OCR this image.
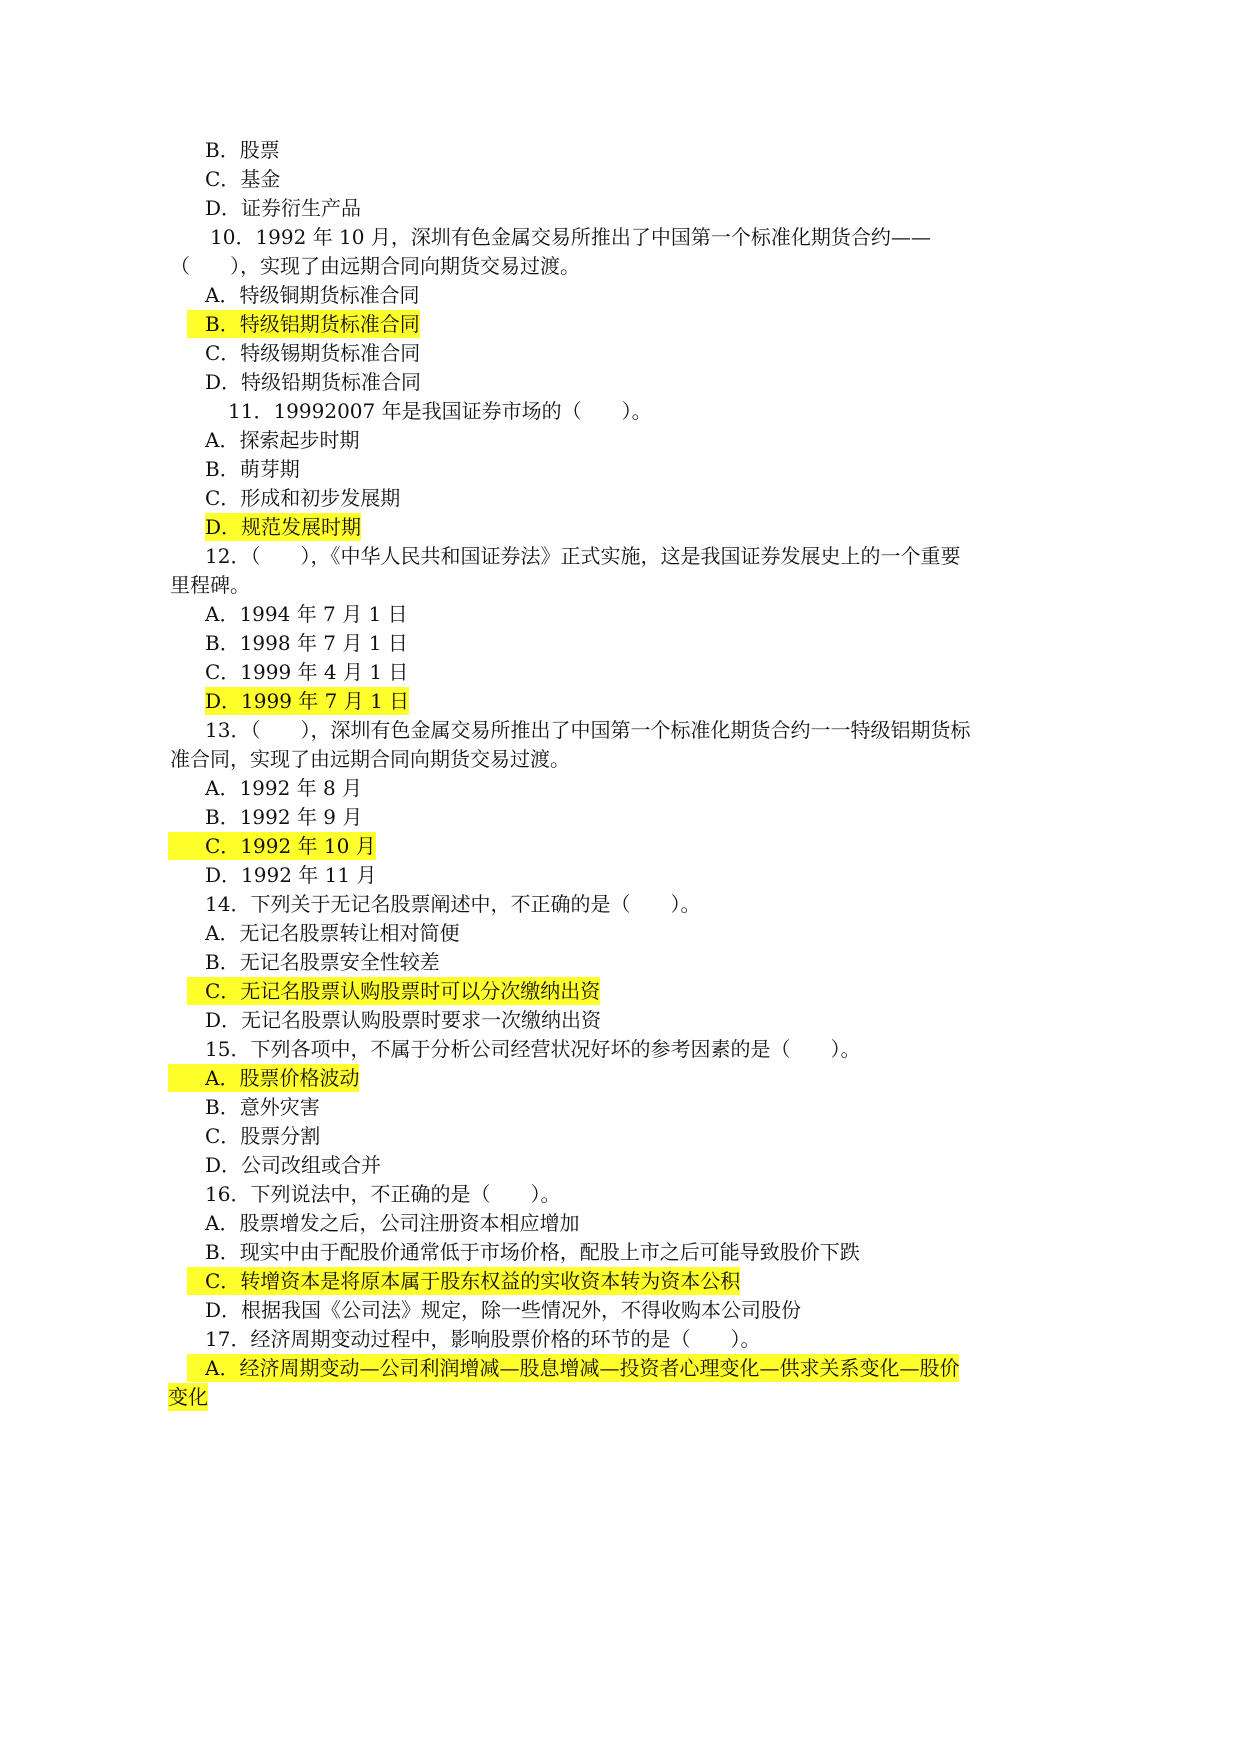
B．股票
C．基金
D．证券衍生产品
10．1992 年 10 月，深圳有色金属交易所推出了中国第一个标准化期货合约——
（　　），实现了由远期合同向期货交易过渡。
A．特级铜期货标准合同
B．特级铝期货标准合同
C．特级锡期货标准合同
D．特级铅期货标准合同
11．19992007 年是我国证券市场的（　　）。
A．探索起步时期
B．萌芽期
C．形成和初步发展期
D．规范发展时期
12．（　　），《中华人民共和国证券法》正式实施，这是我国证券发展史上的一个重要
里程碑。
A．1994 年 7 月 1 日
B．1998 年 7 月 1 日
C．1999 年 4 月 1 日
D．1999 年 7 月 1 日
13．（　　），深圳有色金属交易所推出了中国第一个标准化期货合约一一特级铝期货标
准合同，实现了由远期合同向期货交易过渡。
A．1992 年 8 月
B．1992 年 9 月
C．1992 年 10 月
D．1992 年 11 月
14．下列关于无记名股票阐述中，不正确的是（　　）。
A．无记名股票转让相对简便
B．无记名股票安全性较差
C．无记名股票认购股票时可以分次缴纳出资
D．无记名股票认购股票时要求一次缴纳出资
15．下列各项中，不属于分析公司经营状况好坏的参考因素的是（　　）。
A．股票价格波动
B．意外灾害
C．股票分割
D．公司改组或合并
16．下列说法中，不正确的是（　　）。
A．股票增发之后，公司注册资本相应增加
B．现实中由于配股价通常低于市场价格，配股上市之后可能导致股价下跌
C．转增资本是将原本属于股东权益的实收资本转为资本公积
D．根据我国《公司法》规定，除一些情况外，不得收购本公司股份
17．经济周期变动过程中，影响股票价格的环节的是（　　）。
A．经济周期变动—公司利润增减—股息增减—投资者心理变化—供求关系变化—股价
变化
